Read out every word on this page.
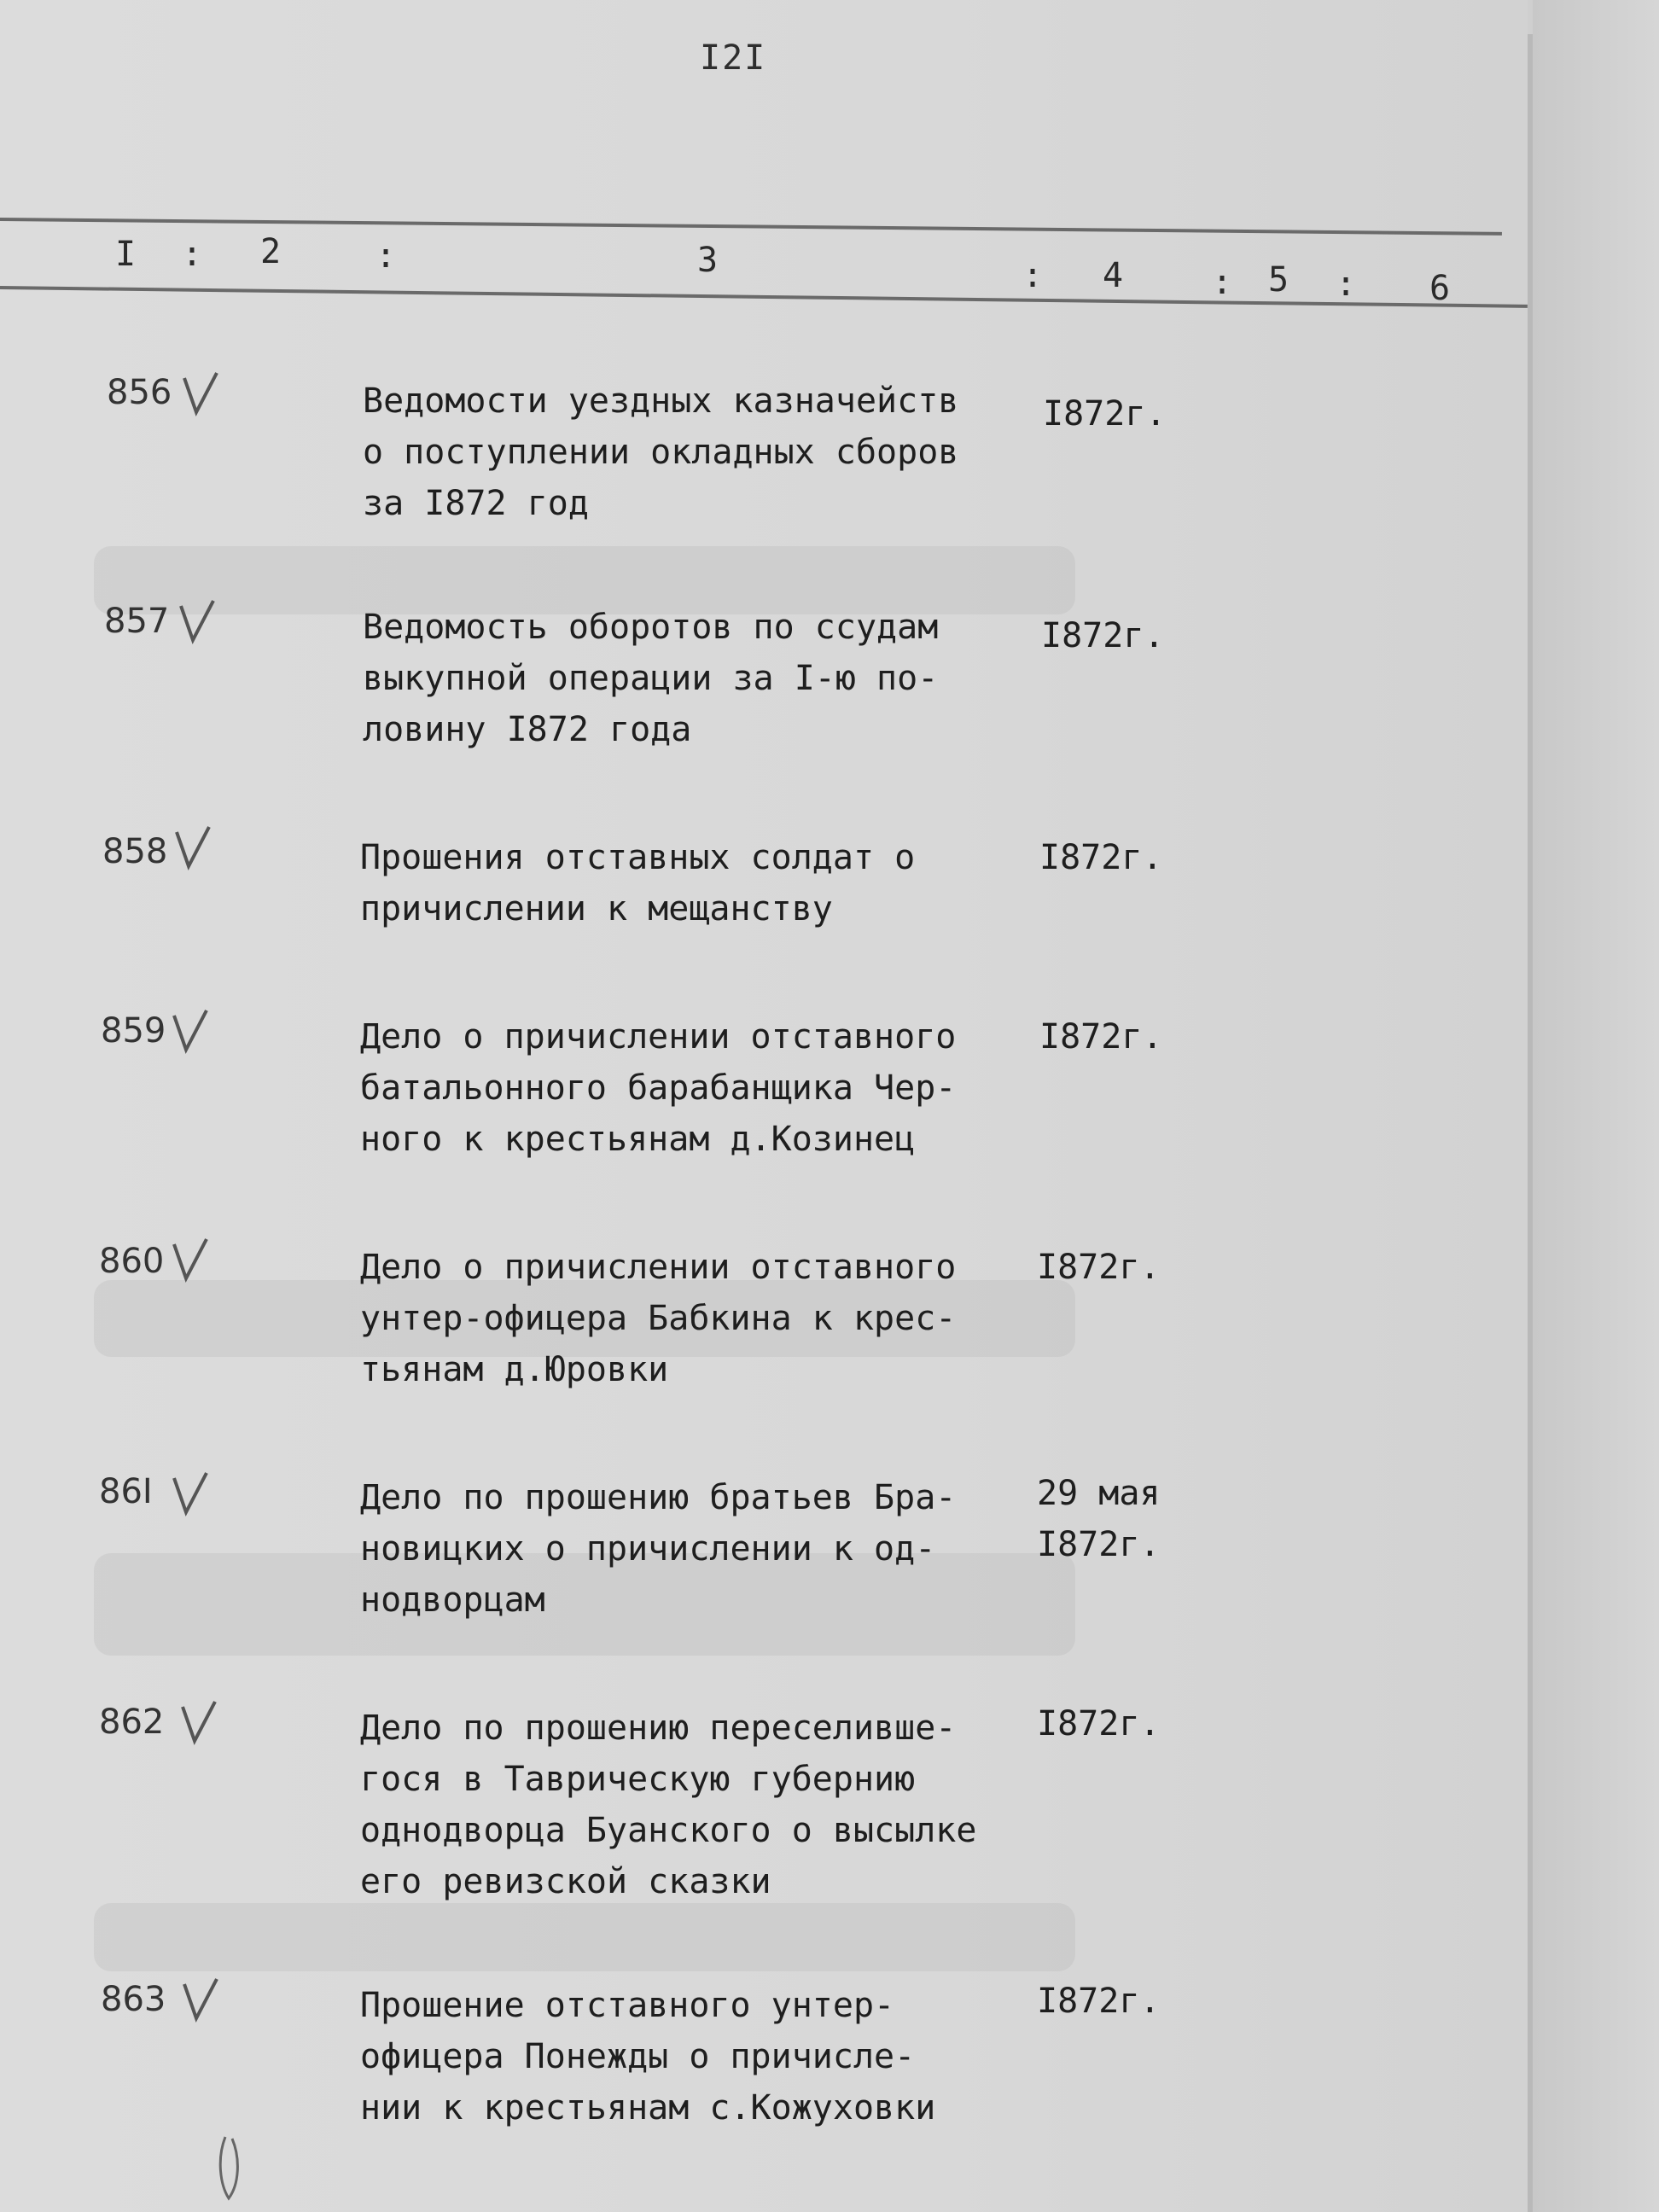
I2I
I : 2	:	3	: 4	: 5 : 6
856	Ведомости уездных казначейств
о поступлении окладных сборов
за I872 год
I872г.
857	Ведомость оборотов по ссудам
выкупной операции за I-ю по-
ловину I872 года
I872г.
858	Прошения отставных солдат о
причислении к мещанству
I872г.
859	Дело о причислении отставного
батальонного барабанщика Чер-
ного к крестьянам д.Козинец
I872г.
860	Дело о причислении отставного
унтер-офицера Бабкина к крес-
тьянам д.Юровки
I872г.
86I	Дело по прошению братьев Бра-
новицких о причислении к од-
нодворцам
29 мая
I872г.
862	Дело по прошению переселивше-
гося в Таврическую губернию
однодворца Буанского о высылке
его ревизской сказки
I872г.
863	Прошение отставного унтер-
офицера Понежды о причисле-
нии к крестьянам с.Кожуховки
I872г.
